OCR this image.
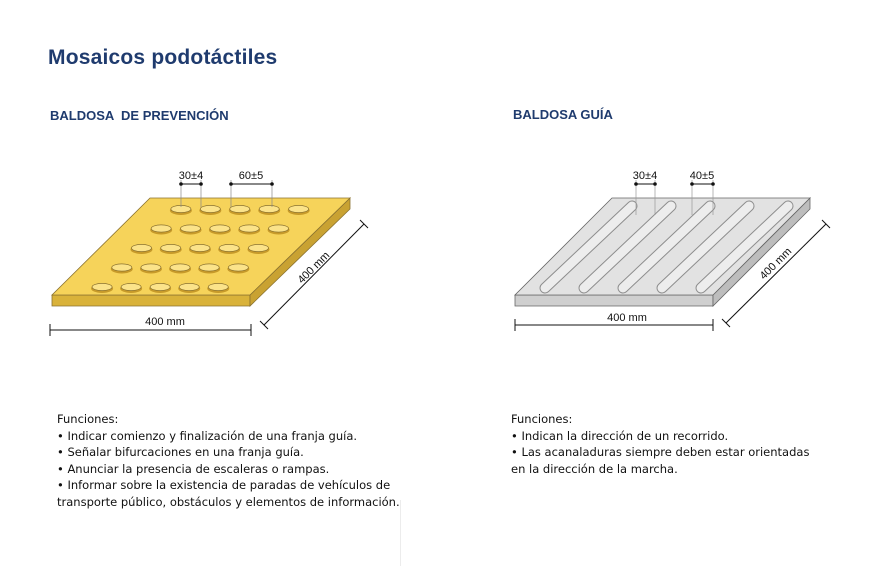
Mosaicos podotáctiles
BALDOSA  DE PREVENCIÓN	BALDOSA GUÍA
30±4	60±5
400 mm
400 mm
30±4	40±5
400 mm
400 mm
Funciones:
• Indicar comienzo y finalización de una franja guía.
• Señalar bifurcaciones en una franja guía.
• Anunciar la presencia de escaleras o rampas.
• Informar sobre la existencia de paradas de vehículos de transporte público, obstáculos y elementos de información.
Funciones:
• Indican la dirección de un recorrido.
• Las acanaladuras siempre deben estar orientadas en la dirección de la marcha.
